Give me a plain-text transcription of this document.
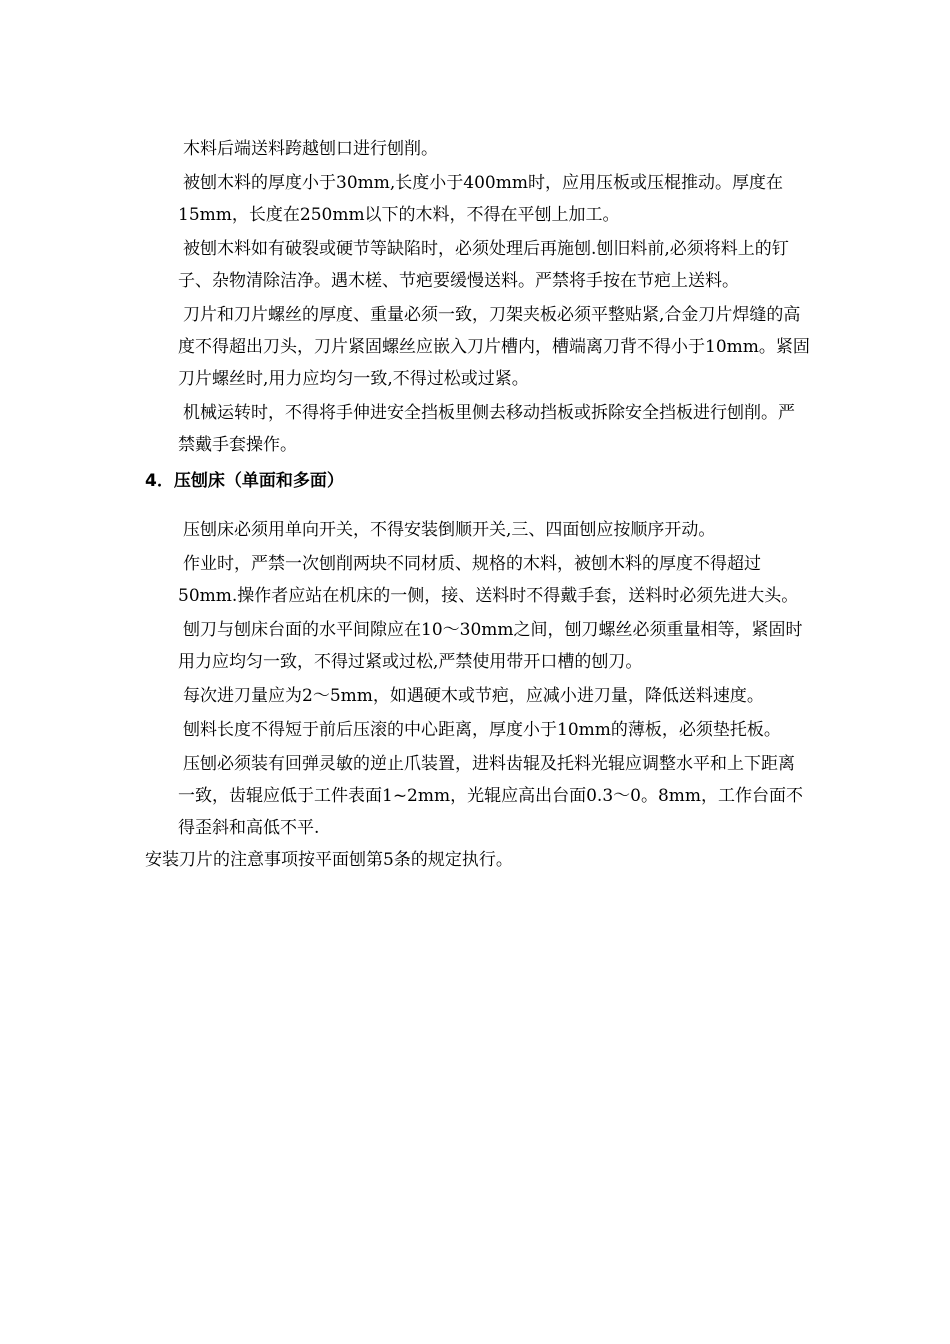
木料后端送料跨越刨口进行刨削。

被刨木料的厚度小于30mm,长度小于400mm时，应用压板或压棍推动。厚度在15mm，长度在250mm以下的木料，不得在平刨上加工。

被刨木料如有破裂或硬节等缺陷时，必须处理后再施刨.刨旧料前,必须将料上的钉子、杂物清除洁净。遇木槎、节疤要缓慢送料。严禁将手按在节疤上送料。

刀片和刀片螺丝的厚度、重量必须一致，刀架夹板必须平整贴紧,合金刀片焊缝的高度不得超出刀头，刀片紧固螺丝应嵌入刀片槽内，槽端离刀背不得小于10mm。紧固刀片螺丝时,用力应均匀一致,不得过松或过紧。

机械运转时，不得将手伸进安全挡板里侧去移动挡板或拆除安全挡板进行刨削。严禁戴手套操作。

4．压刨床（单面和多面）

压刨床必须用单向开关，不得安装倒顺开关,三、四面刨应按顺序开动。

作业时，严禁一次刨削两块不同材质、规格的木料，被刨木料的厚度不得超过50mm.操作者应站在机床的一侧，接、送料时不得戴手套，送料时必须先进大头。

刨刀与刨床台面的水平间隙应在10～30mm之间，刨刀螺丝必须重量相等，紧固时用力应均匀一致，不得过紧或过松,严禁使用带开口槽的刨刀。

每次进刀量应为2～5mm，如遇硬木或节疤，应减小进刀量，降低送料速度。

刨料长度不得短于前后压滚的中心距离，厚度小于10mm的薄板，必须垫托板。

压刨必须装有回弹灵敏的逆止爪装置，进料齿辊及托料光辊应调整水平和上下距离一致，齿辊应低于工件表面1~2mm，光辊应高出台面0.3～0。8mm，工作台面不得歪斜和高低不平.

安装刀片的注意事项按平面刨第5条的规定执行。
